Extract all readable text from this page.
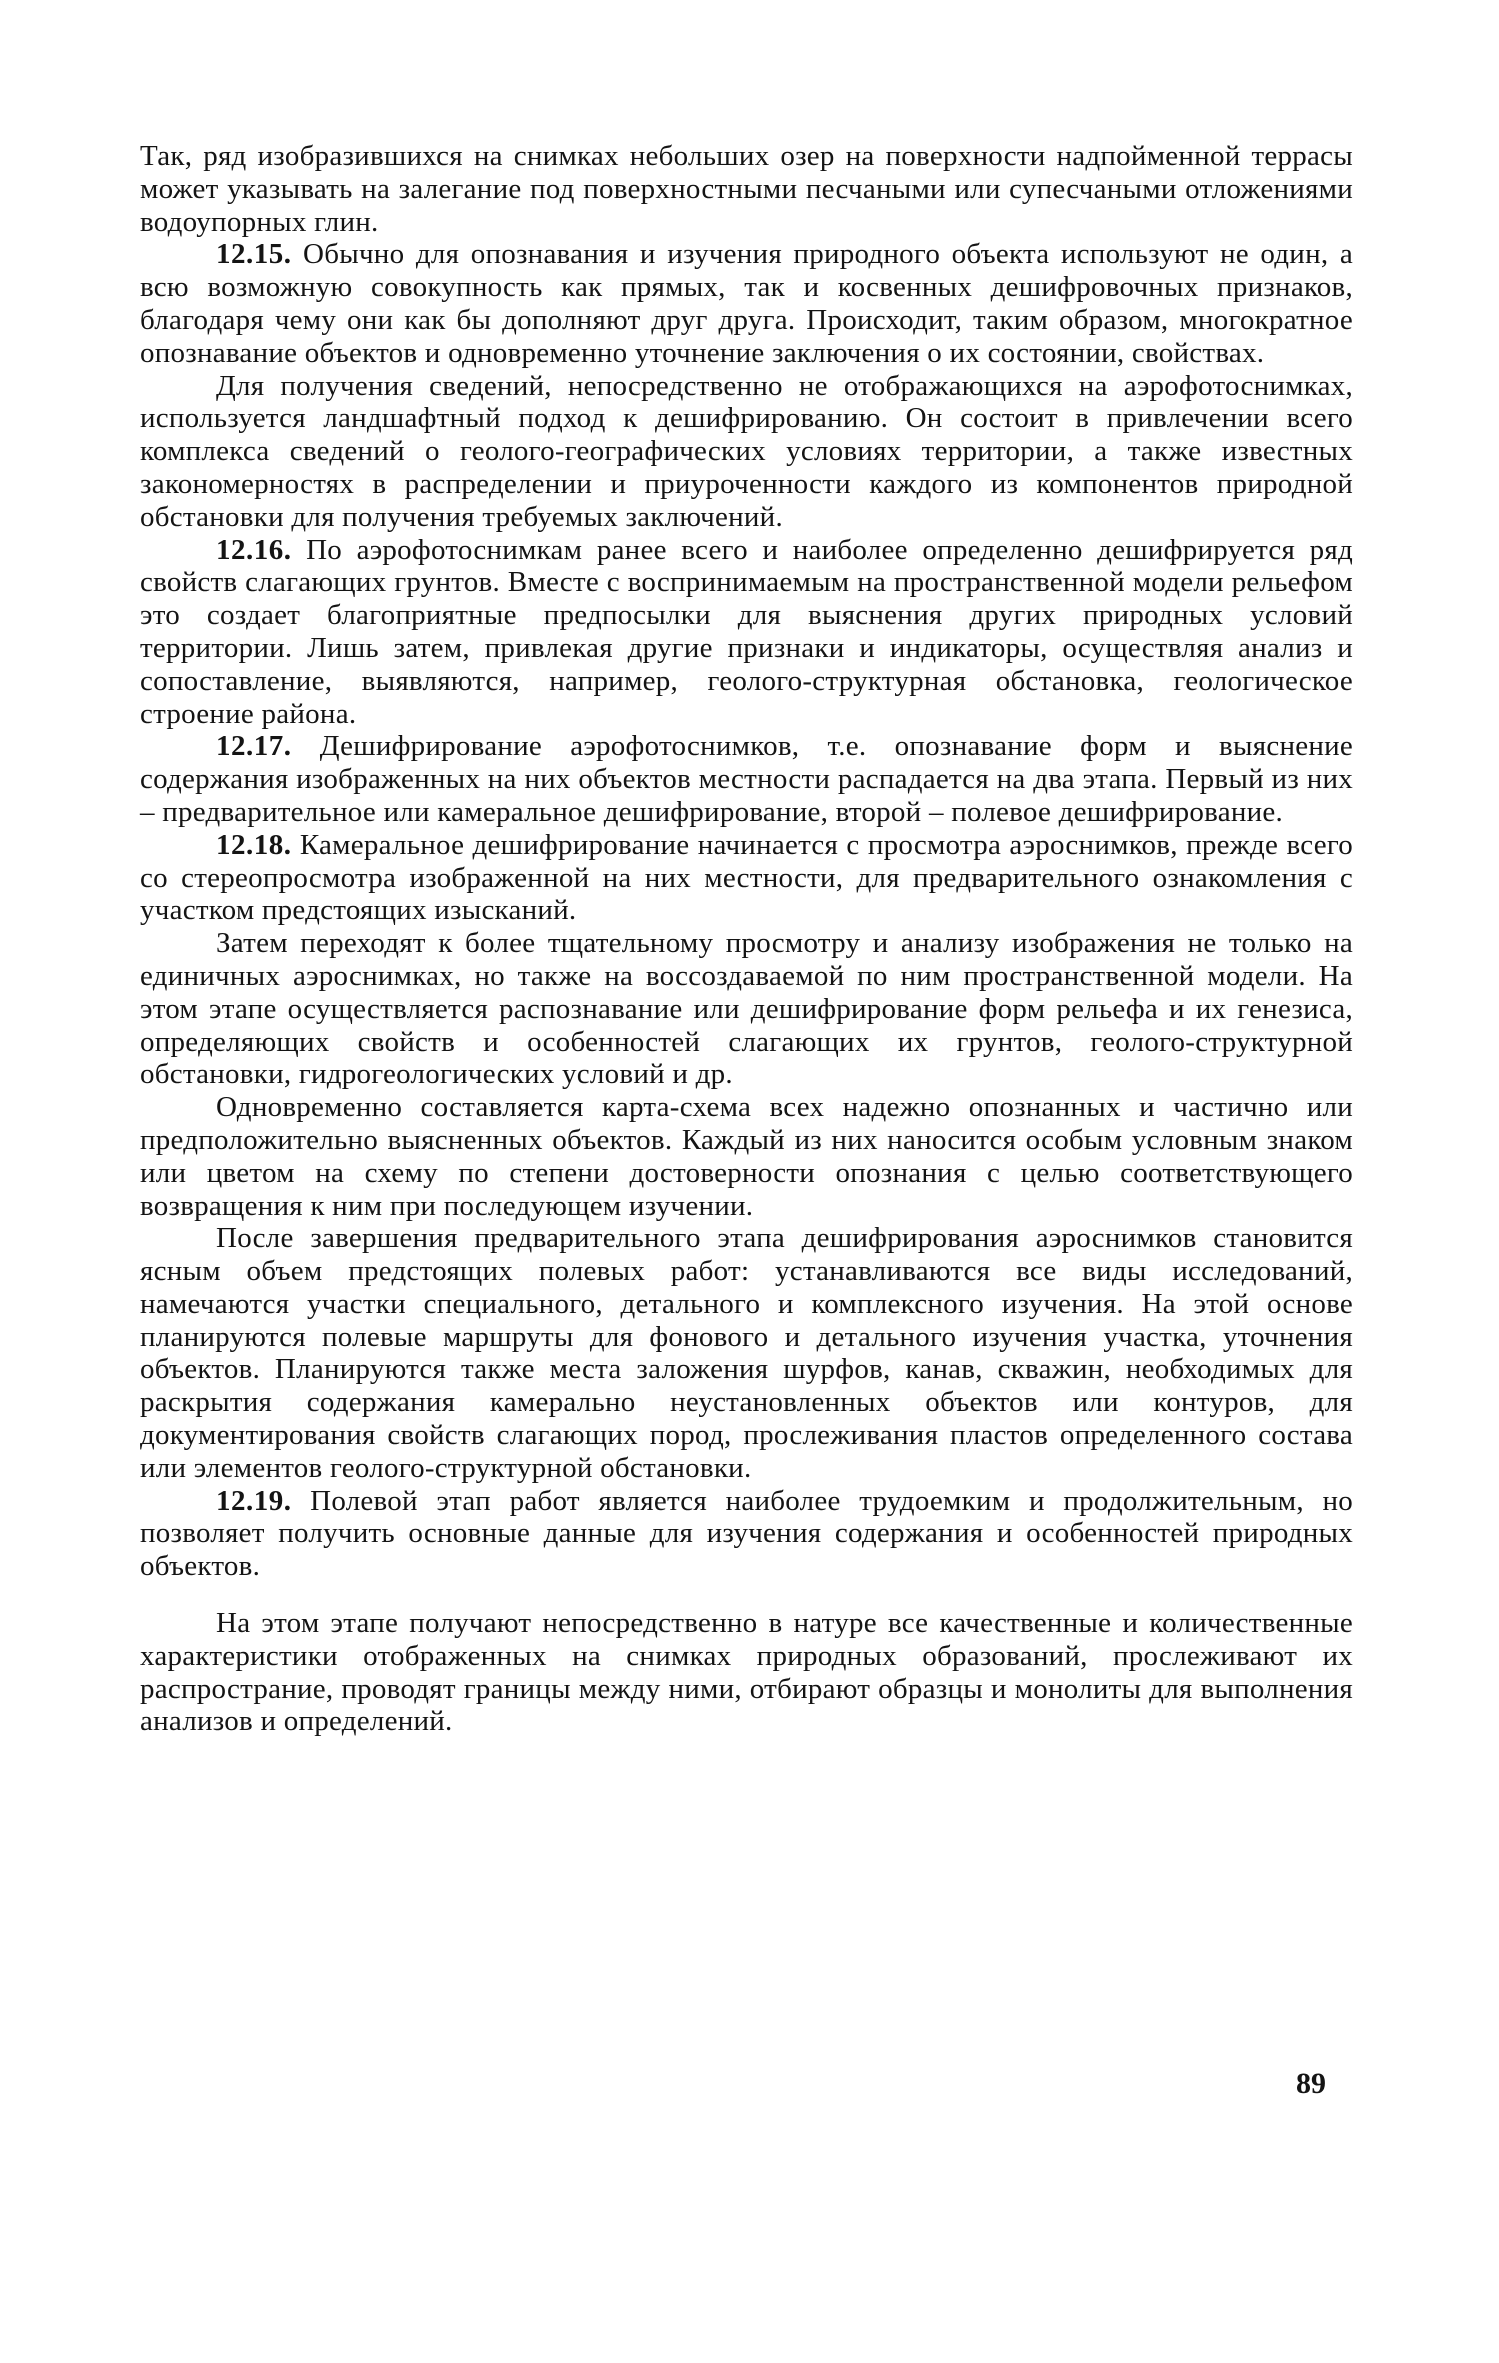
Так, ряд изобразившихся на снимках небольших озер на поверхности надпойменной террасы может указывать на залегание под поверхностными песчаными или супесчаными отложениями водоупорных глин.

12.15. Обычно для опознавания и изучения природного объекта используют не один, а всю возможную совокупность как прямых, так и косвенных дешифровочных признаков, благодаря чему они как бы дополняют друг друга. Происходит, таким образом, многократное опознавание объектов и одновременно уточнение заключения о их состоянии, свойствах.

Для получения сведений, непосредственно не отображающихся на аэрофотоснимках, используется ландшафтный подход к дешифрированию. Он состоит в привлечении всего комплекса сведений о геолого-географических условиях территории, а также известных закономерностях в распределении и приуроченности каждого из компонентов природной обстановки для получения требуемых заключений.

12.16. По аэрофотоснимкам ранее всего и наиболее определенно дешифрируется ряд свойств слагающих грунтов. Вместе с воспринимаемым на пространственной модели рельефом это создает благоприятные предпосылки для выяснения других природных условий территории. Лишь затем, привлекая другие признаки и индикаторы, осуществляя анализ и сопоставление, выявляются, например, геолого-структурная обстановка, геологическое строение района.

12.17. Дешифрирование аэрофотоснимков, т.е. опознавание форм и выяснение содержания изображенных на них объектов местности распадается на два этапа. Первый из них – предварительное или камеральное дешифрирование, второй – полевое дешифрирование.

12.18. Камеральное дешифрирование начинается с просмотра аэроснимков, прежде всего со стереопросмотра изображенной на них местности, для предварительного ознакомления с участком предстоящих изысканий.

Затем переходят к более тщательному просмотру и анализу изображения не только на единичных аэроснимках, но также на воссоздаваемой по ним пространственной модели. На этом этапе осуществляется распознавание или дешифрирование форм рельефа и их генезиса, определяющих свойств и особенностей слагающих их грунтов, геолого-структурной обстановки, гидрогеологических условий и др.

Одновременно составляется карта-схема всех надежно опознанных и частично или предположительно выясненных объектов. Каждый из них наносится особым условным знаком или цветом на схему по степени достоверности опознания с целью соответствующего возвращения к ним при последующем изучении.

После завершения предварительного этапа дешифрирования аэроснимков становится ясным объем предстоящих полевых работ: устанавливаются все виды исследований, намечаются участки специального, детального и комплексного изучения. На этой основе планируются полевые маршруты для фонового и детального изучения участка, уточнения объектов. Планируются также места заложения шурфов, канав, скважин, необходимых для раскрытия содержания камерально неустановленных объектов или контуров, для документирования свойств слагающих пород, прослеживания пластов определенного состава или элементов геолого-структурной обстановки.

12.19. Полевой этап работ является наиболее трудоемким и продолжительным, но позволяет получить основные данные для изучения содержания и особенностей природных объектов.

На этом этапе получают непосредственно в натуре все качественные и количественные характеристики отображенных на снимках природных образований, прослеживают их распространие, проводят границы между ними, отбирают образцы и монолиты для выполнения анализов и определений.

89
